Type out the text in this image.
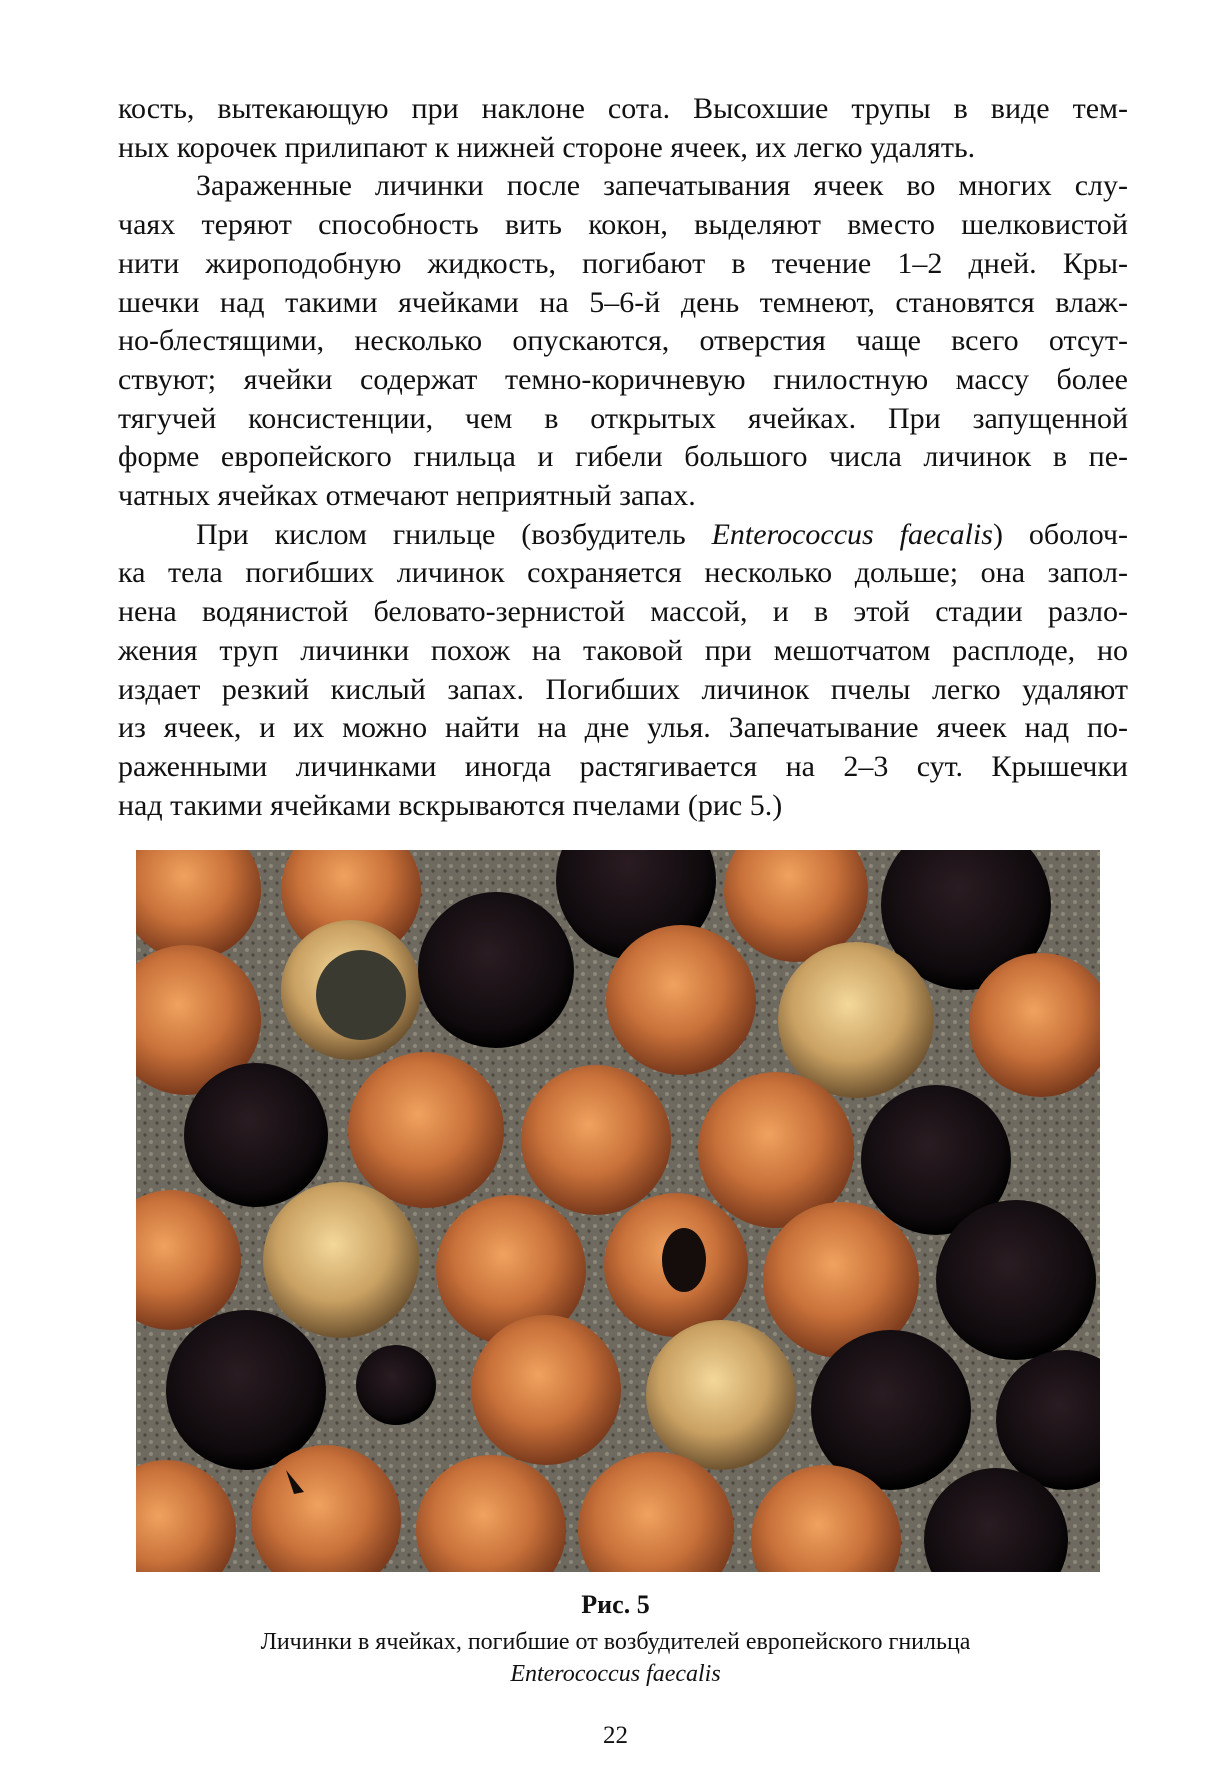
кость, вытекающую при наклоне сота. Высохшие трупы в виде тем-
ных корочек прилипают к нижней стороне ячеек, их легко удалять.

Зараженные личинки после запечатывания ячеек во многих слу-
чаях теряют способность вить кокон, выделяют вместо шелковистой
нити жироподобную жидкость, погибают в течение 1–2 дней. Кры-
шечки над такими ячейками на 5–6-й день темнеют, становятся влаж-
но-блестящими, несколько опускаются, отверстия чаще всего отсут-
ствуют; ячейки содержат темно-коричневую гнилостную массу более
тягучей консистенции, чем в открытых ячейках. При запущенной
форме европейского гнильца и гибели большого числа личинок в пе-
чатных ячейках отмечают неприятный запах.

При кислом гнильце (возбудитель Enterococcus faecalis) оболоч-
ка тела погибших личинок сохраняется несколько дольше; она запол-
нена водянистой беловато-зернистой массой, и в этой стадии разло-
жения труп личинки похож на таковой при мешотчатом расплоде, но
издает резкий кислый запах. Погибших личинок пчелы легко удаляют
из ячеек, и их можно найти на дне улья. Запечатывание ячеек над по-
раженными личинками иногда растягивается на 2–3 сут. Крышечки
над такими ячейками вскрываются пчелами (рис 5.)

Рис. 5
Личинки в ячейках, погибшие от возбудителей европейского гнильца
Enterococcus faecalis
22
